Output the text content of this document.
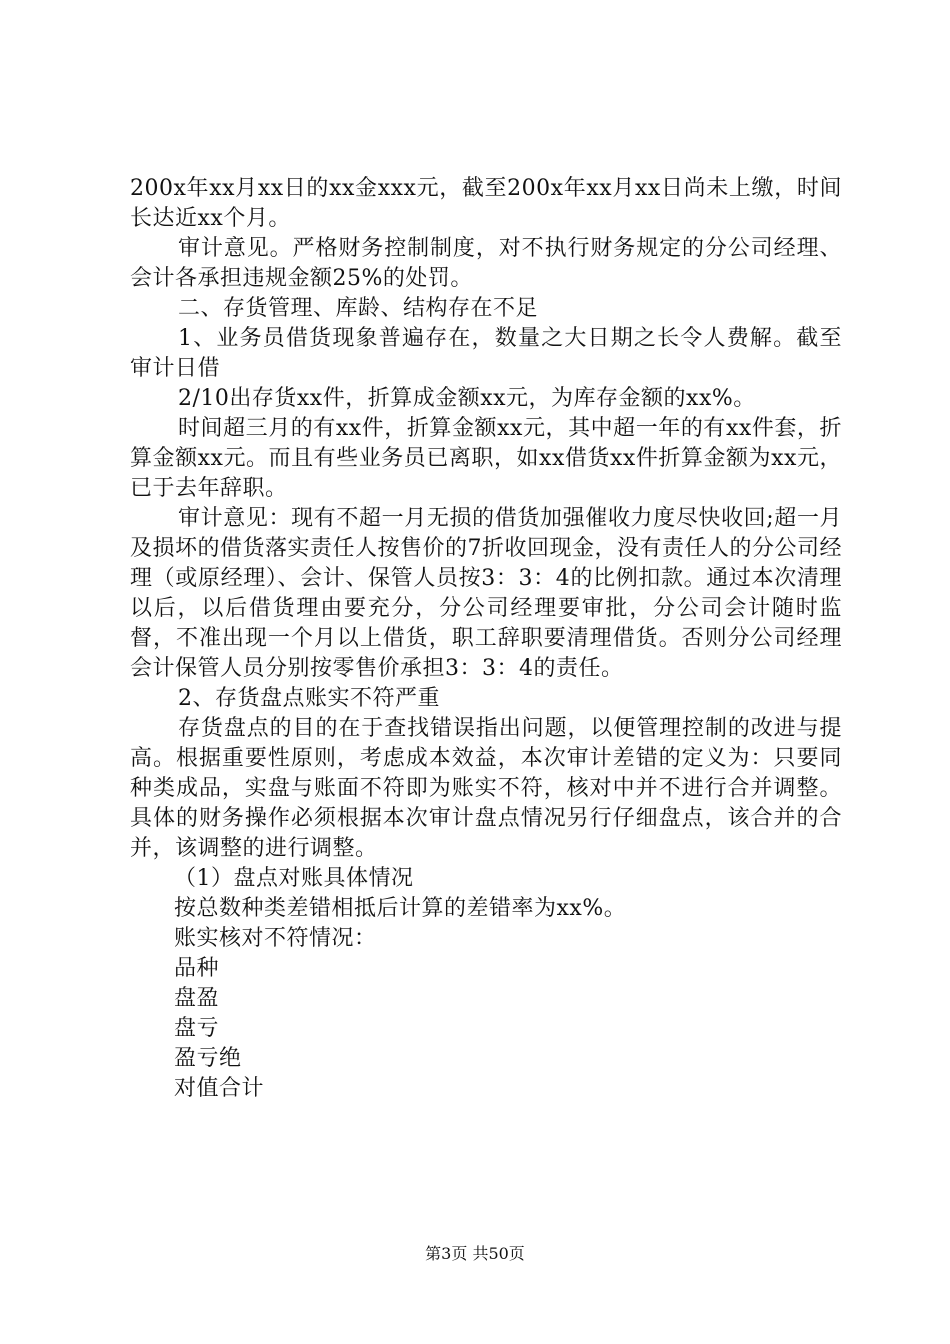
200x年xx月xx日的xx金xxx元，截至200x年xx月xx日尚未上缴，时间长达近xx个月。

审计意见。严格财务控制制度，对不执行财务规定的分公司经理、会计各承担违规金额25%的处罚。

二、存货管理、库龄、结构存在不足

1、业务员借货现象普遍存在，数量之大日期之长令人费解。截至审计日借

2/10出存货xx件，折算成金额xx元，为库存金额的xx%。

时间超三月的有xx件，折算金额xx元，其中超一年的有xx件套，折算金额xx元。而且有些业务员已离职，如xx借货xx件折算金额为xx元，已于去年辞职。

审计意见：现有不超一月无损的借货加强催收力度尽快收回;超一月及损坏的借货落实责任人按售价的7折收回现金，没有责任人的分公司经理（或原经理）、会计、保管人员按3：3：4的比例扣款。通过本次清理以后，以后借货理由要充分，分公司经理要审批，分公司会计随时监督，不准出现一个月以上借货，职工辞职要清理借货。否则分公司经理会计保管人员分别按零售价承担3：3：4的责任。

2、存货盘点账实不符严重

存货盘点的目的在于查找错误指出问题，以便管理控制的改进与提高。根据重要性原则，考虑成本效益，本次审计差错的定义为：只要同种类成品，实盘与账面不符即为账实不符，核对中并不进行合并调整。具体的财务操作必须根据本次审计盘点情况另行仔细盘点，该合并的合并，该调整的进行调整。

（1）盘点对账具体情况

按总数种类差错相抵后计算的差错率为xx%。

账实核对不符情况：

品种

盘盈

盘亏

盈亏绝

对值合计

第3页 共50页
